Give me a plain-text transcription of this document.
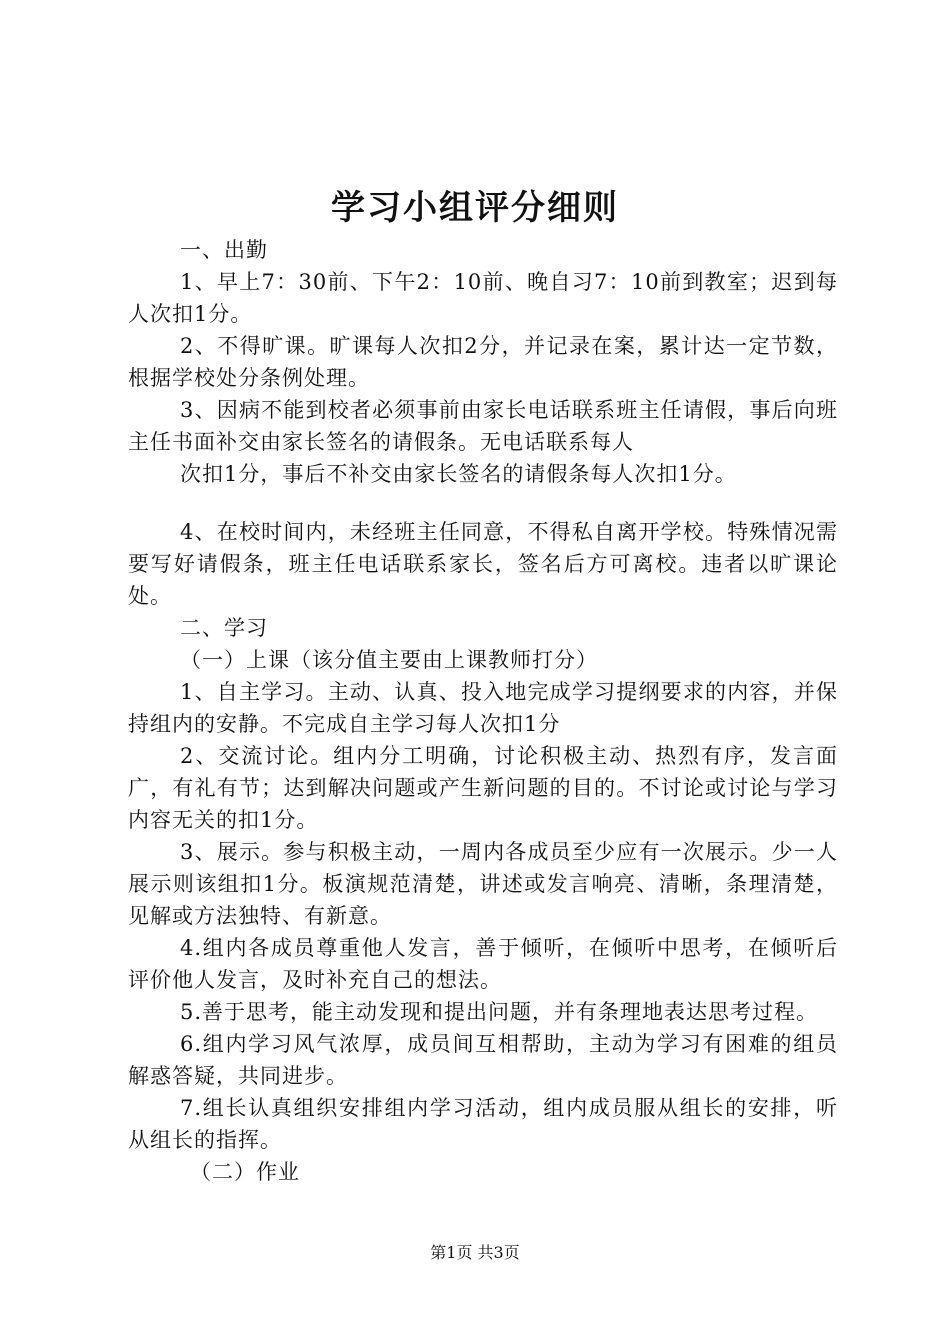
学习小组评分细则

一、出勤

1、早上7：30前、下午2：10前、晚自习7：10前到教室；迟到每人次扣1分。

2、不得旷课。旷课每人次扣2分，并记录在案，累计达一定节数，根据学校处分条例处理。

3、因病不能到校者必须事前由家长电话联系班主任请假，事后向班主任书面补交由家长签名的请假条。无电话联系每人

次扣1分，事后不补交由家长签名的请假条每人次扣1分。

4、在校时间内，未经班主任同意，不得私自离开学校。特殊情况需要写好请假条，班主任电话联系家长，签名后方可离校。违者以旷课论处。

二、学习

（一）上课（该分值主要由上课教师打分）

1、自主学习。主动、认真、投入地完成学习提纲要求的内容，并保持组内的安静。不完成自主学习每人次扣1分

2、交流讨论。组内分工明确，讨论积极主动、热烈有序，发言面广，有礼有节；达到解决问题或产生新问题的目的。不讨论或讨论与学习内容无关的扣1分。

3、展示。参与积极主动，一周内各成员至少应有一次展示。少一人展示则该组扣1分。板演规范清楚，讲述或发言响亮、清晰，条理清楚，见解或方法独特、有新意。

4.组内各成员尊重他人发言，善于倾听，在倾听中思考，在倾听后评价他人发言，及时补充自己的想法。

5.善于思考，能主动发现和提出问题，并有条理地表达思考过程。

6.组内学习风气浓厚，成员间互相帮助，主动为学习有困难的组员解惑答疑，共同进步。

7.组长认真组织安排组内学习活动，组内成员服从组长的安排，听从组长的指挥。

（二）作业

第1页 共3页
